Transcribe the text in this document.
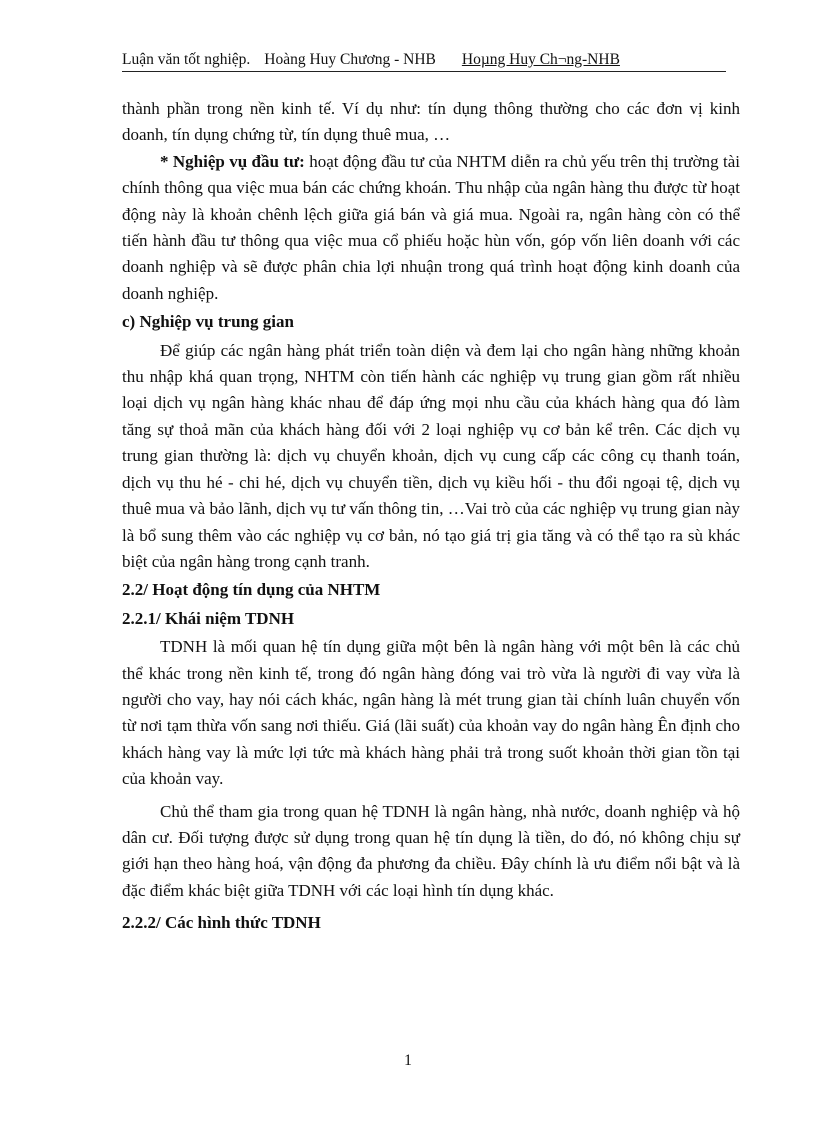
Luận văn tốt nghiệp. Hoàng Huy Chương - NHB Hoµng Huy Ch¬ng-NHB

thành phần trong nền kinh tế. Ví dụ như: tín dụng thông thường cho các đơn vị kinh doanh, tín dụng chứng từ, tín dụng thuê mua, …

* Nghiệp vụ đầu tư: hoạt động đầu tư của NHTM diễn ra chủ yếu trên thị trường tài chính thông qua việc mua bán các chứng khoán. Thu nhập của ngân hàng thu được từ hoạt động này là khoản chênh lệch giữa giá bán và giá mua. Ngoài ra, ngân hàng còn có thể tiến hành đầu tư thông qua việc mua cổ phiếu hoặc hùn vốn, góp vốn liên doanh với các doanh nghiệp và sẽ được phân chia lợi nhuận trong quá trình hoạt động kinh doanh của doanh nghiệp.

c) Nghiệp vụ trung gian

Để giúp các ngân hàng phát triển toàn diện và đem lại cho ngân hàng những khoản thu nhập khá quan trọng, NHTM còn tiến hành các nghiệp vụ trung gian gồm rất nhiều loại dịch vụ ngân hàng khác nhau để đáp ứng mọi nhu cầu của khách hàng qua đó làm tăng sự thoả mãn của khách hàng đối với 2 loại nghiệp vụ cơ bản kể trên. Các dịch vụ trung gian thường là: dịch vụ chuyển khoản, dịch vụ cung cấp các công cụ thanh toán, dịch vụ thu hé - chi hé, dịch vụ chuyển tiền, dịch vụ kiều hối - thu đổi ngoại tệ, dịch vụ thuê mua và bảo lãnh, dịch vụ tư vấn thông tin, …Vai trò của các nghiệp vụ trung gian này là bổ sung thêm vào các nghiệp vụ cơ bản, nó tạo giá trị gia tăng và có thể tạo ra sù khác biệt của ngân hàng trong cạnh tranh.

2.2/ Hoạt động tín dụng của NHTM

2.2.1/ Khái niệm TDNH

TDNH là mối quan hệ tín dụng giữa một bên là ngân hàng với một bên là các chủ thể khác trong nền kinh tế, trong đó ngân hàng đóng vai trò vừa là người đi vay vừa là người cho vay, hay nói cách khác, ngân hàng là mét trung gian tài chính luân chuyển vốn từ nơi tạm thừa vốn sang nơi thiếu. Giá (lãi suất) của khoản vay do ngân hàng Ên định cho khách hàng vay là mức lợi tức mà khách hàng phải trả trong suốt khoản thời gian tồn tại của khoản vay.

Chủ thể tham gia trong quan hệ TDNH là ngân hàng, nhà nước, doanh nghiệp và hộ dân cư. Đối tượng được sử dụng trong quan hệ tín dụng là tiền, do đó, nó không chịu sự giới hạn theo hàng hoá, vận động đa phương đa chiều. Đây chính là ưu điểm nổi bật và là đặc điểm khác biệt giữa TDNH với các loại hình tín dụng khác.

2.2.2/ Các hình thức TDNH

1
